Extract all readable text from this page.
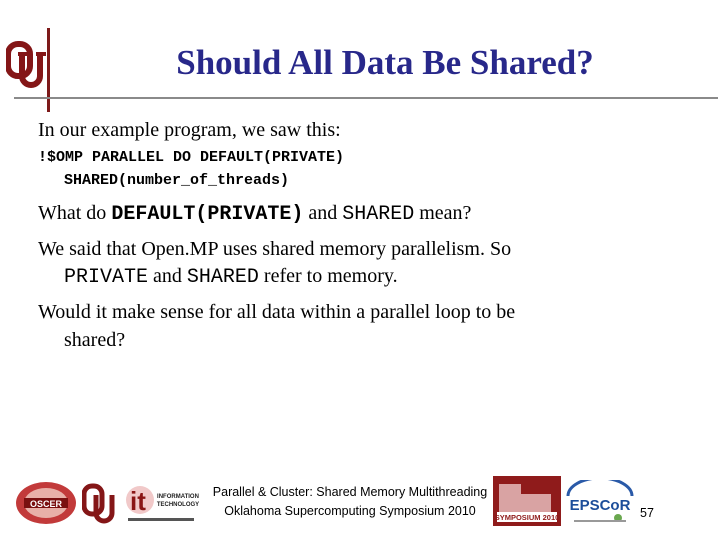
Should All Data Be Shared?
In our example program, we saw this:
!$OMP PARALLEL DO DEFAULT(PRIVATE)
SHARED(number_of_threads)
What do DEFAULT(PRIVATE) and SHARED mean?
We said that Open.MP uses shared memory parallelism. So
PRIVATE and SHARED refer to memory.
Would it make sense for all data within a parallel loop to be
shared?
OSCER	it INFORMATION
TECHNOLOGY
Parallel & Cluster: Shared Memory Multithreading
Oklahoma Supercomputing Symposium 2010	SYMPOSIUM 2010
EPSCoR 57
